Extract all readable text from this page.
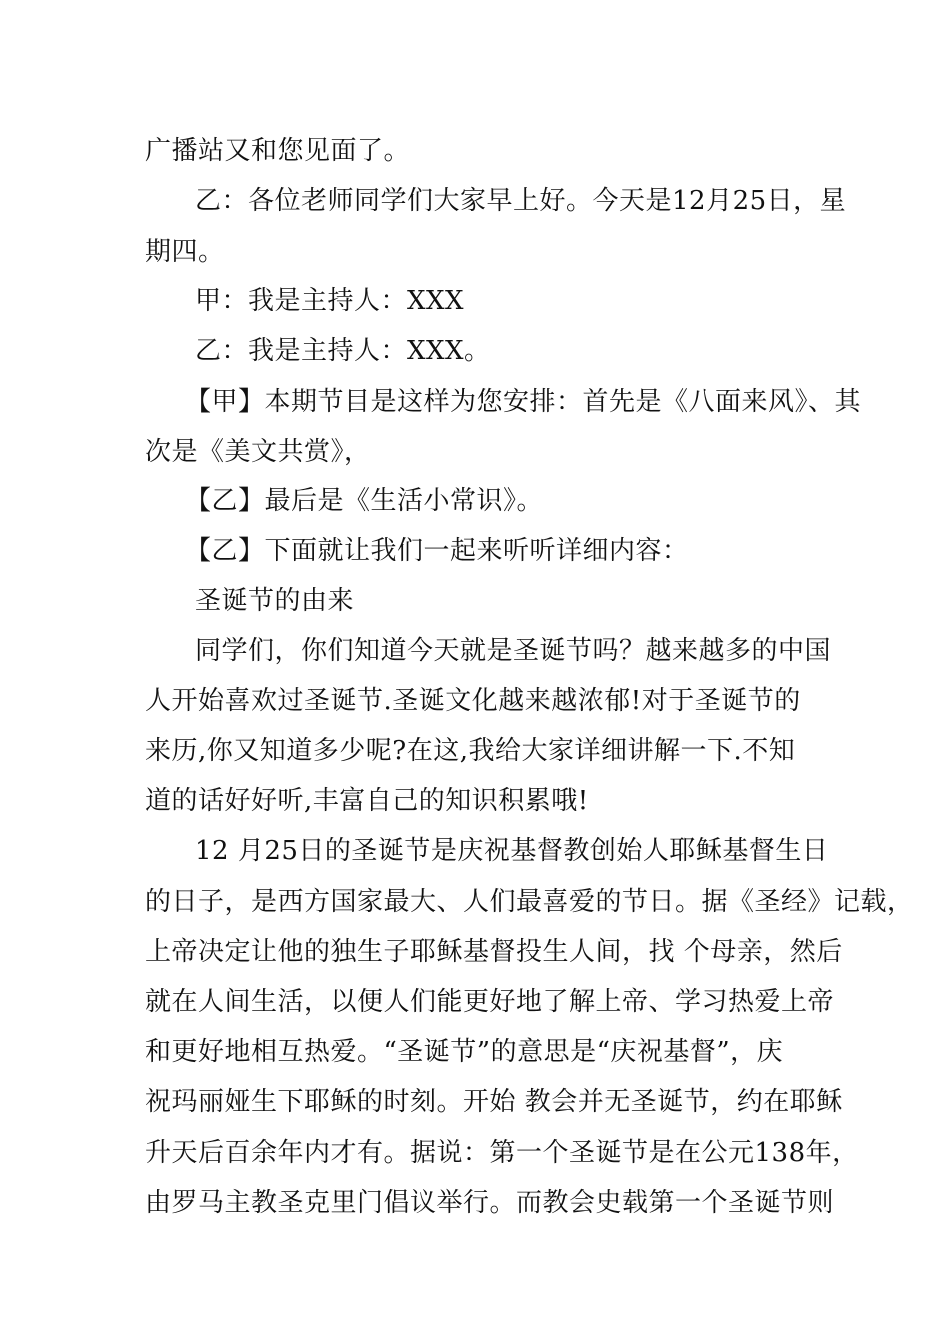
广播站又和您见面了。
乙：各位老师同学们大家早上好。今天是12月25日，星
期四。
甲：我是主持人：XXX
乙：我是主持人：XXX。
【甲】本期节目是这样为您安排：首先是《八面来风》、其
次是《美文共赏》，
【乙】最后是《生活小常识》。
【乙】下面就让我们一起来听听详细内容：
圣诞节的由来
同学们，你们知道今天就是圣诞节吗？越来越多的中国
人开始喜欢过圣诞节.圣诞文化越来越浓郁!对于圣诞节的
来历,你又知道多少呢?在这,我给大家详细讲解一下.不知
道的话好好听,丰富自己的知识积累哦!
12 月25日的圣诞节是庆祝基督教创始人耶稣基督生日
的日子，是西方国家最大、人们最喜爱的节日。据《圣经》记载，
上帝决定让他的独生子耶稣基督投生人间，找 个母亲，然后
就在人间生活，以便人们能更好地了解上帝、学习热爱上帝
和更好地相互热爱。“圣诞节”的意思是“庆祝基督”，庆
祝玛丽娅生下耶稣的时刻。开始 教会并无圣诞节，约在耶稣
升天后百余年内才有。据说：第一个圣诞节是在公元138年，
由罗马主教圣克里门倡议举行。而教会史载第一个圣诞节则
